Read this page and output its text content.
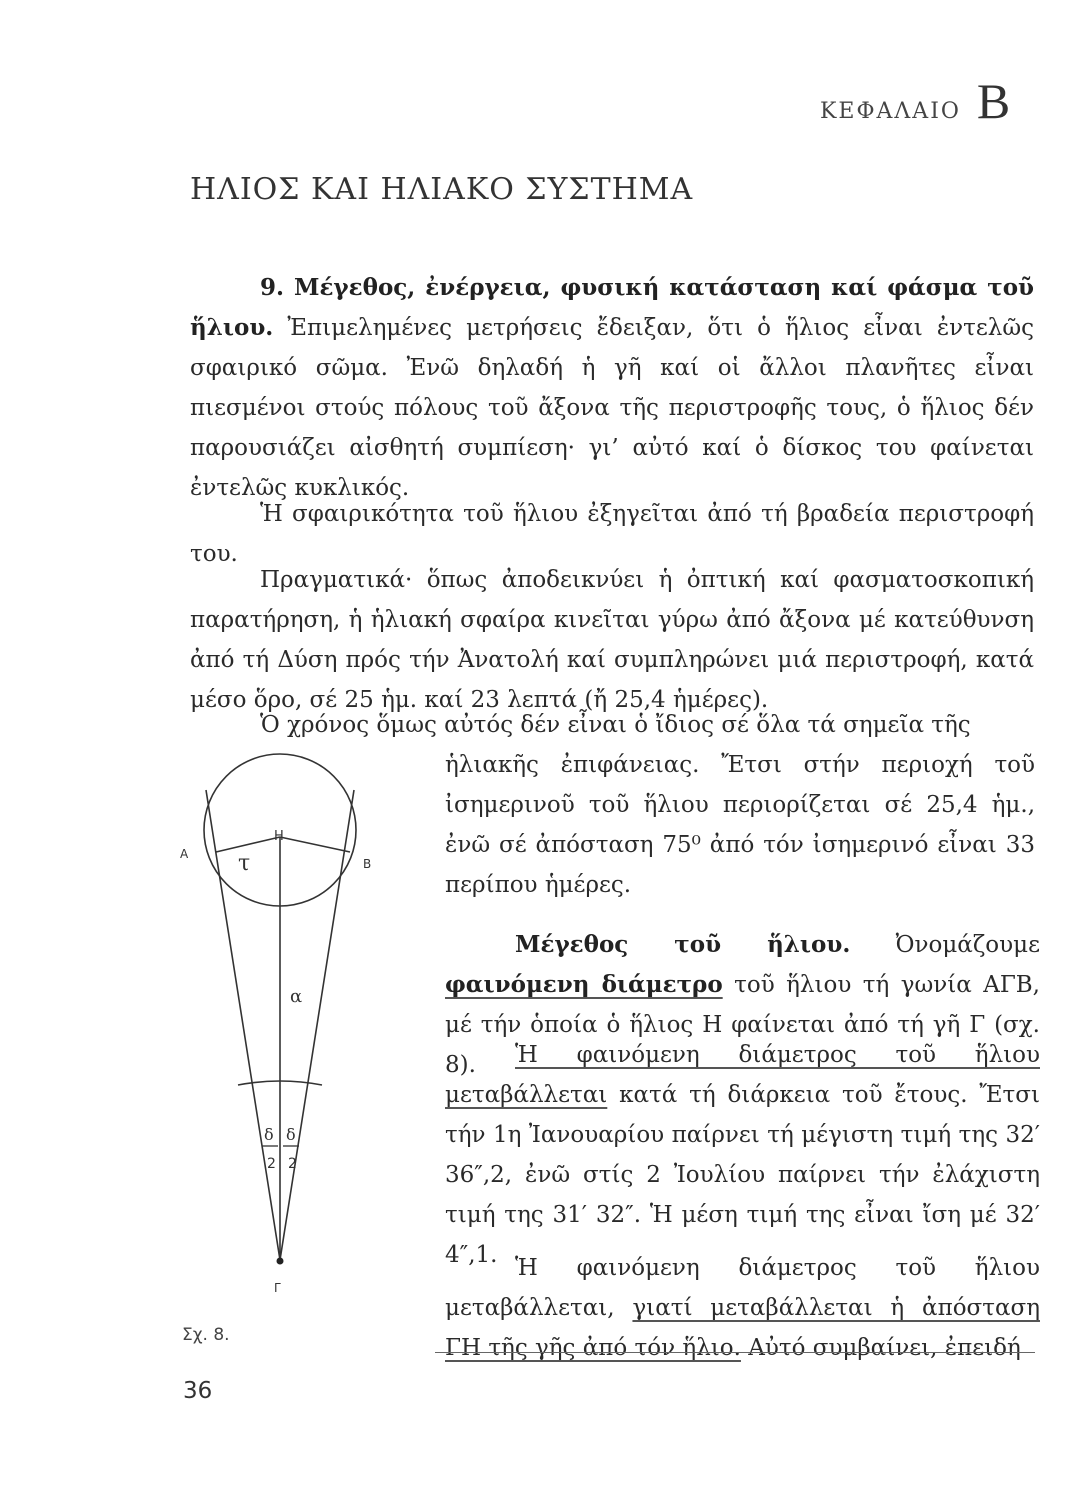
ΚΕΦΑΛΑΙΟ B
ΗΛΙΟΣ ΚΑΙ ΗΛΙΑΚΟ ΣΥΣΤΗΜΑ
9. Μέγεθος, ἐνέργεια, φυσική κατάσταση καί φάσμα τοῦ ἥλιου. Ἐπιμελημένες μετρήσεις ἔδειξαν, ὅτι ὁ ἥλιος εἶναι ἐντελῶς σφαιρικό σῶμα. Ἐνῶ δηλαδή ἡ γῆ καί οἱ ἄλλοι πλανῆτες εἶναι πιεσμένοι στούς πόλους τοῦ ἄξονα τῆς περιστροφῆς τους, ὁ ἥλιος δέν παρουσιάζει αἰσθητή συμπίεση· γι’ αὐτό καί ὁ δίσκος του φαίνεται ἐντελῶς κυκλικός.
Ἡ σφαιρικότητα τοῦ ἥλιου ἐξηγεῖται ἀπό τή βραδεία περιστροφή του.
Πραγματικά· ὅπως ἀποδεικνύει ἡ ὀπτική καί φασματοσκοπική παρατήρηση, ἡ ἡλιακή σφαίρα κινεῖται γύρω ἀπό ἄξονα μέ κατεύθυνση ἀπό τή Δύση πρός τήν Ἀνατολή καί συμπληρώνει μιά περιστροφή, κατά μέσο ὅρο, σέ 25 ἡμ. καί 23 λεπτά (ἤ 25,4 ἡμέρες).
Ὁ χρόνος ὅμως αὐτός δέν εἶναι ὁ ἴδιος σέ ὅλα τά σημεῖα τῆς
ἡλιακῆς ἐπιφάνειας. Ἔτσι στήν περιοχή τοῦ ἰσημερινοῦ τοῦ ἥλιου περιορίζεται σέ 25,4 ἡμ., ἐνῶ σέ ἀπόσταση 75⁰ ἀπό τόν ἰσημερινό εἶναι 33 περίπου ἡμέρες.
Α
Β
Η
Γ
τ
α
δ
2
δ
2
Σχ. 8.
36
Μέγεθος τοῦ ἥλιου. Ὀνομάζουμε φαινόμενη διάμετρο τοῦ ἥλιου τή γωνία ΑΓΒ, μέ τήν ὁποία ὁ ἥλιος Η φαίνεται ἀπό τή γῆ Γ (σχ. 8).	Ἡ φαινόμενη διάμετρος τοῦ ἥλιου μεταβάλλεται κατά τή διάρκεια τοῦ ἔτους. Ἔτσι τήν 1η Ἰανουαρίου παίρνει τή μέγιστη τιμή της 32′ 36″,2, ἐνῶ στίς 2 Ἰουλίου παίρνει τήν ἐλάχιστη τιμή της 31′ 32″. Ἡ μέση τιμή της εἶναι ἴση μέ 32′ 4″,1. Ἡ φαινόμενη διάμετρος τοῦ ἥλιου μεταβάλλεται, γιατί μεταβάλλεται ἡ ἀπόσταση ΓΗ τῆς γῆς ἀπό τόν ἥλιο. Αὐτό συμβαίνει, ἐπειδή
